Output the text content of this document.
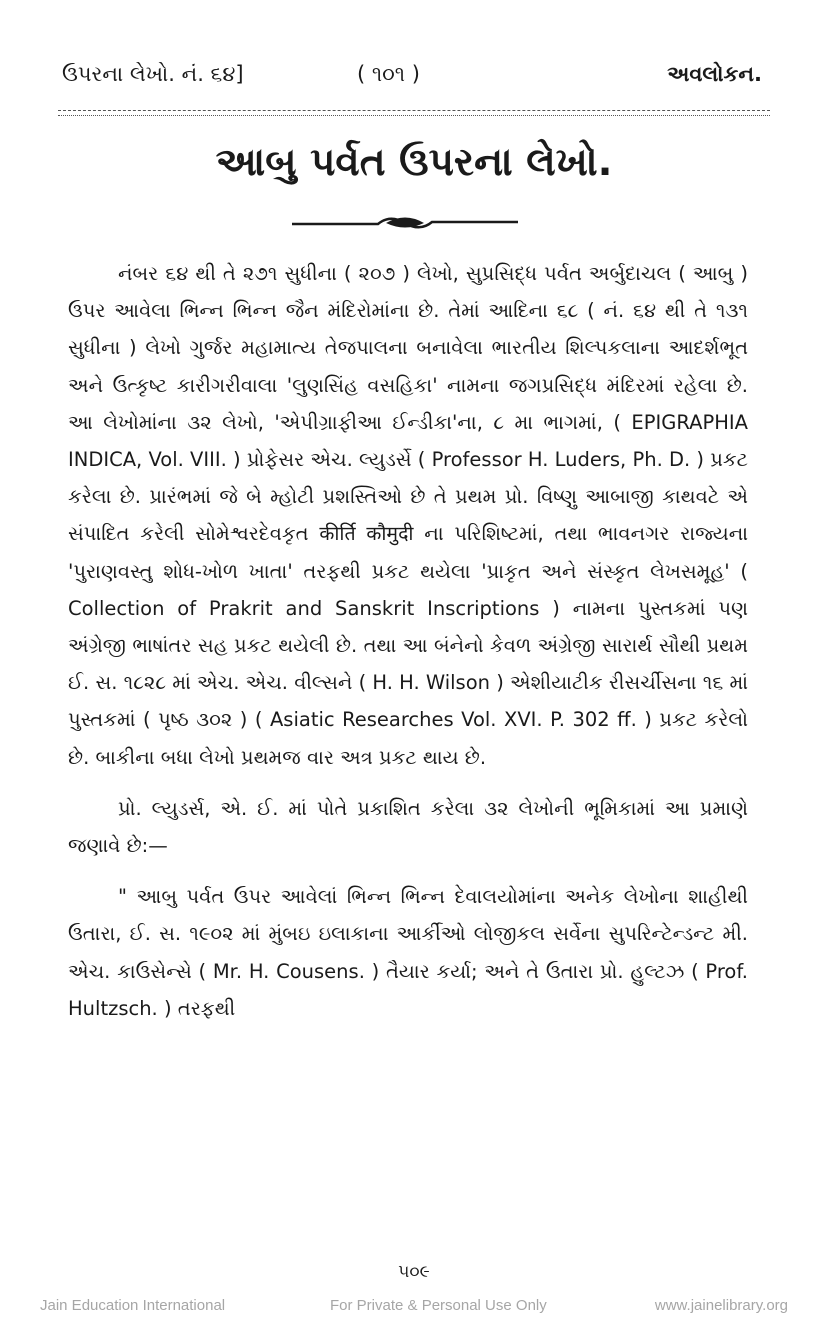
ઉપરના લેખો. નં. ૬૪]	( ૧૦૧ )	અવલોકન.
આબુ પર્વત ઉપરના લેખો.

નંબર ૬૪ થી તે ૨૭૧ સુધીના ( ૨૦૭ ) લેખો, સુપ્રસિદ્ધ પર્વત અર્બુદાચલ ( આબુ ) ઉપર આવેલા ભિન્ન ભિન્ન જૈન મંદિરોમાંના છે. તેમાં આદિના ૬૮ ( નં. ૬૪ થી તે ૧૩૧ સુધીના ) લેખો ગુર્જર મહામાત્ય તેજપાલના બનાવેલા ભારતીય શિલ્પકલાના આદર્શભૂત અને ઉત્કૃષ્ટ કારીગરીવાલા 'લુણસિંહ વસહિકા' નામના જગપ્રસિદ્ધ મંદિરમાં રહેલા છે. આ લેખોમાંના ૩૨ લેખો, 'એપીગ્રાફીઆ ઈન્ડીકા'ના, ૮ મા ભાગમાં, ( EPIGRAPHIA INDICA, Vol. VIII. ) પ્રોફેસર એચ. લ્યુડર્સે ( Professor H. Luders, Ph. D. ) પ્રકટ કરેલા છે. પ્રારંભમાં જે બે મ્હોટી પ્રશસ્તિઓ છે તે પ્રથમ પ્રો. વિષ્ણુ આબાજી કાથવટે એ સંપાદિત કરેલી સોમેશ્વરદેવકૃત कीर्ति कौमुदी ના પરિશિષ્ટમાં, તથા ભાવનગર રાજ્યના 'પુરાણવસ્તુ શોધ-ખોળ ખાતા' તરફથી પ્રકટ થયેલા 'પ્રાકૃત અને સંસ્કૃત લેખસમૂહ' ( Collection of Prakrit and Sanskrit Inscriptions ) નામના પુસ્તકમાં પણ અંગ્રેજી ભાષાંતર સહ પ્રકટ થયેલી છે. તથા આ બંનેનો કેવળ અંગ્રેજી સારાર્થ સૌથી પ્રથમ ઈ. સ. ૧૮૨૮ માં એચ. એચ. વીલ્સને ( H. H. Wilson ) એશીયાટીક રીસર્ચીસના ૧૬ માં પુસ્તકમાં ( પૃષ્ઠ ૩૦૨ ) ( Asiatic Researches Vol. XVI. P. 302 ff. ) પ્રકટ કરેલો છે. બાકીના બધા લેખો પ્રથમજ વાર અત્ર પ્રકટ થાય છે.

પ્રો. લ્યુડર્સ, એ. ઈ. માં પોતે પ્રકાશિત કરેલા ૩૨ લેખોની ભૂમિકામાં આ પ્રમાણે જણાવે છે:—

" આબુ પર્વત ઉપર આવેલાં ભિન્ન ભિન્ન દેવાલયોમાંના અનેક લેખોના શાહીથી ઉતારા, ઈ. સ. ૧૯૦૨ માં મુંબઇ ઇલાકાના આર્કીઓ લોજીકલ સર્વેના સુપરિન્ટેન્ડન્ટ મી. એચ. કાઉસેન્સે ( Mr. H. Cousens. ) તૈયાર કર્યા; અને તે ઉતારા પ્રો. હુલ્ટઝ ( Prof. Hultzsch. ) તરફથી

૫૦૯
Jain Education International	For Private & Personal Use Only	www.jainelibrary.org
